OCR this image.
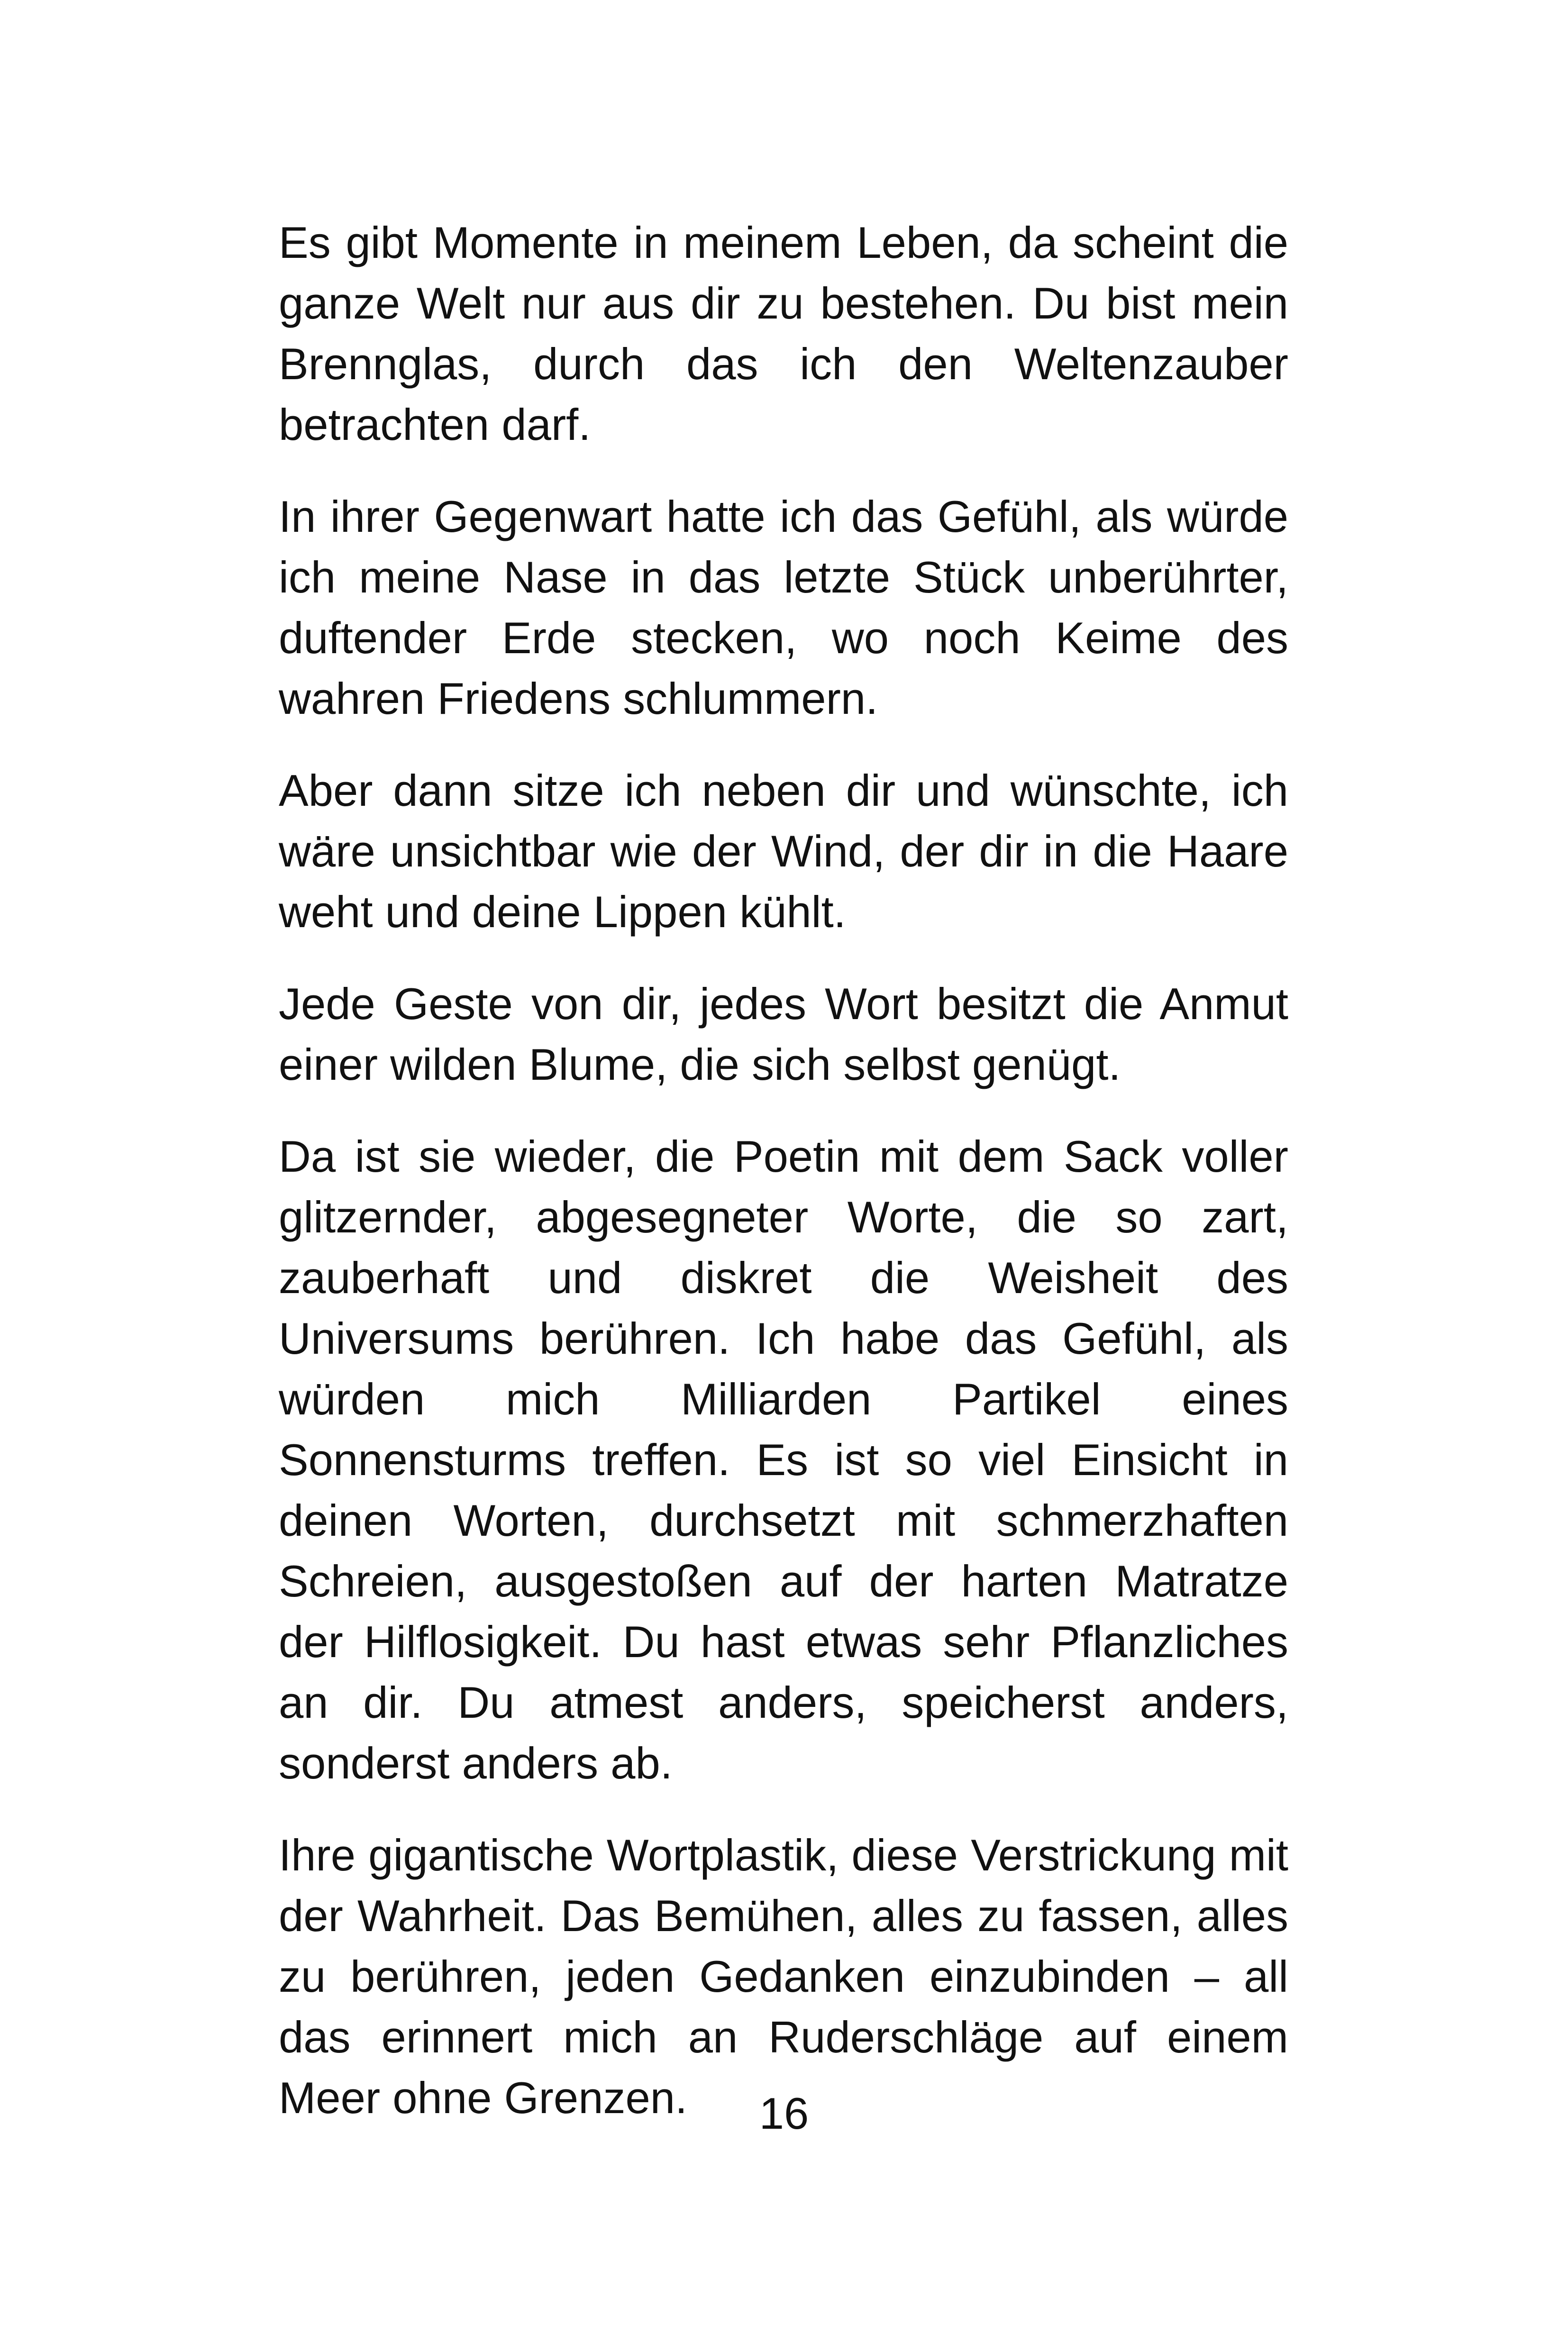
Es gibt Momente in meinem Leben, da scheint die ganze Welt nur aus dir zu bestehen. Du bist mein Brennglas, durch das ich den Weltenzauber betrachten darf.

In ihrer Gegenwart hatte ich das Gefühl, als würde ich meine Nase in das letzte Stück unberührter, duftender Erde stecken, wo noch Keime des wahren Friedens schlummern.

Aber dann sitze ich neben dir und wünschte, ich wäre unsichtbar wie der Wind, der dir in die Haare weht und deine Lippen kühlt.

Jede Geste von dir, jedes Wort besitzt die Anmut einer wilden Blume, die sich selbst genügt.

Da ist sie wieder, die Poetin mit dem Sack voller glitzernder, abgesegneter Worte, die so zart, zauberhaft und diskret die Weisheit des Universums berühren. Ich habe das Gefühl, als würden mich Milliarden Partikel eines Sonnensturms treffen. Es ist so viel Einsicht in deinen Worten, durchsetzt mit schmerzhaften Schreien, ausgestoßen auf der harten Matratze der Hilflosigkeit. Du hast etwas sehr Pflanzliches an dir. Du atmest anders, speicherst anders, sonderst anders ab.

Ihre gigantische Wortplastik, diese Verstrickung mit der Wahrheit. Das Bemühen, alles zu fassen, alles zu berühren, jeden Gedanken einzubinden – all das erinnert mich an Ruderschläge auf einem Meer ohne Grenzen.	16
